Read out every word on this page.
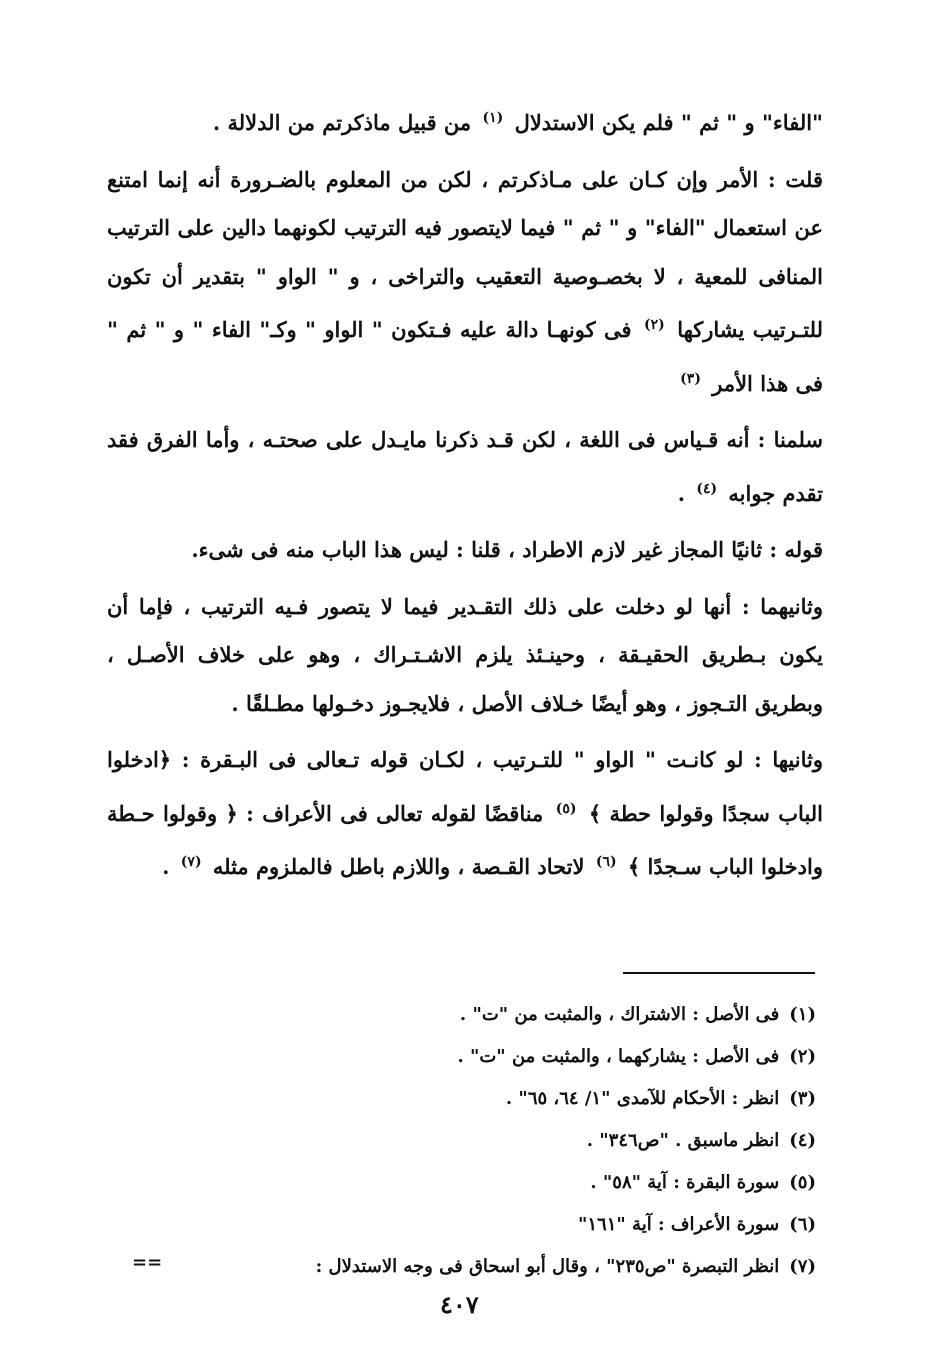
"الفاء" و " ثم " فلم يكن الاستدلال $^{(١)}$ من قبيل ماذكرتم من الدلالة .

قلت : الأمر وإن كـان على مـاذكرتم ، لكن من المعلوم بالضـرورة أنه إنما امتنع عن استعمال "الفاء" و " ثم " فيما لايتصور فيه الترتيب لكونهما دالين على الترتيب المنافى للمعية ، لا بخصـوصية التعقيب والتراخى ، و " الواو " بتقدير أن تكون للتـرتيب يشاركها $^{(٢)}$ فى كونهـا دالة عليه فـتكون " الواو " وكـ" الفاء " و " ثم " فى هذا الأمر $^{(٣)}$

سلمنا : أنه قـياس فى اللغة ، لكن قـد ذكرنا مايـدل على صحتـه ، وأما الفرق فقد تقدم جوابه $^{(٤)}$ .

قوله : ثانيًا المجاز غير لازم الاطراد ، قلنا : ليس هذا الباب منه فى شىء.

وثانيهما : أنها لو دخلت على ذلك التقـدير فيما لا يتصور فـيه الترتيب ، فإما أن يكون بـطريق الحقيـقة ، وحينـئذ يلزم الاشـتـراك ، وهو على خلاف الأصـل ، وبطريق التـجوز ، وهو أيضًا خـلاف الأصل ، فلايجـوز دخـولها مطـلقًا .

وثانيها : لو كانـت " الواو " للتـرتيب ، لكـان قوله تـعالى فى البـقرة : ﴿ادخلوا الباب سجدًا وقولوا حطة ﴾ $^{(٥)}$ مناقضًا لقوله تعالى فى الأعراف : ﴿ وقولوا حـطة وادخلوا الباب سـجدًا ﴾ $^{(٦)}$ لاتحاد القـصة ، واللازم باطل فالملزوم مثله $^{(٧)}$ .

(١)فى الأصل : الاشتراك ، والمثبت من "ت" .
(٢)فى الأصل : يشاركهما ، والمثبت من "ت" .
(٣)انظر : الأحكام للآمدى "١/ ٦٤، ٦٥" .
(٤)انظر ماسبق . "ص٣٤٦" .
(٥)سورة البقرة : آية "٥٨" .
(٦)سورة الأعراف : آية "١٦١"
(٧)انظر التبصرة "ص٢٣٥" ، وقال أبو اسحاق فى وجه الاستدلال :
==
٤٠٧
